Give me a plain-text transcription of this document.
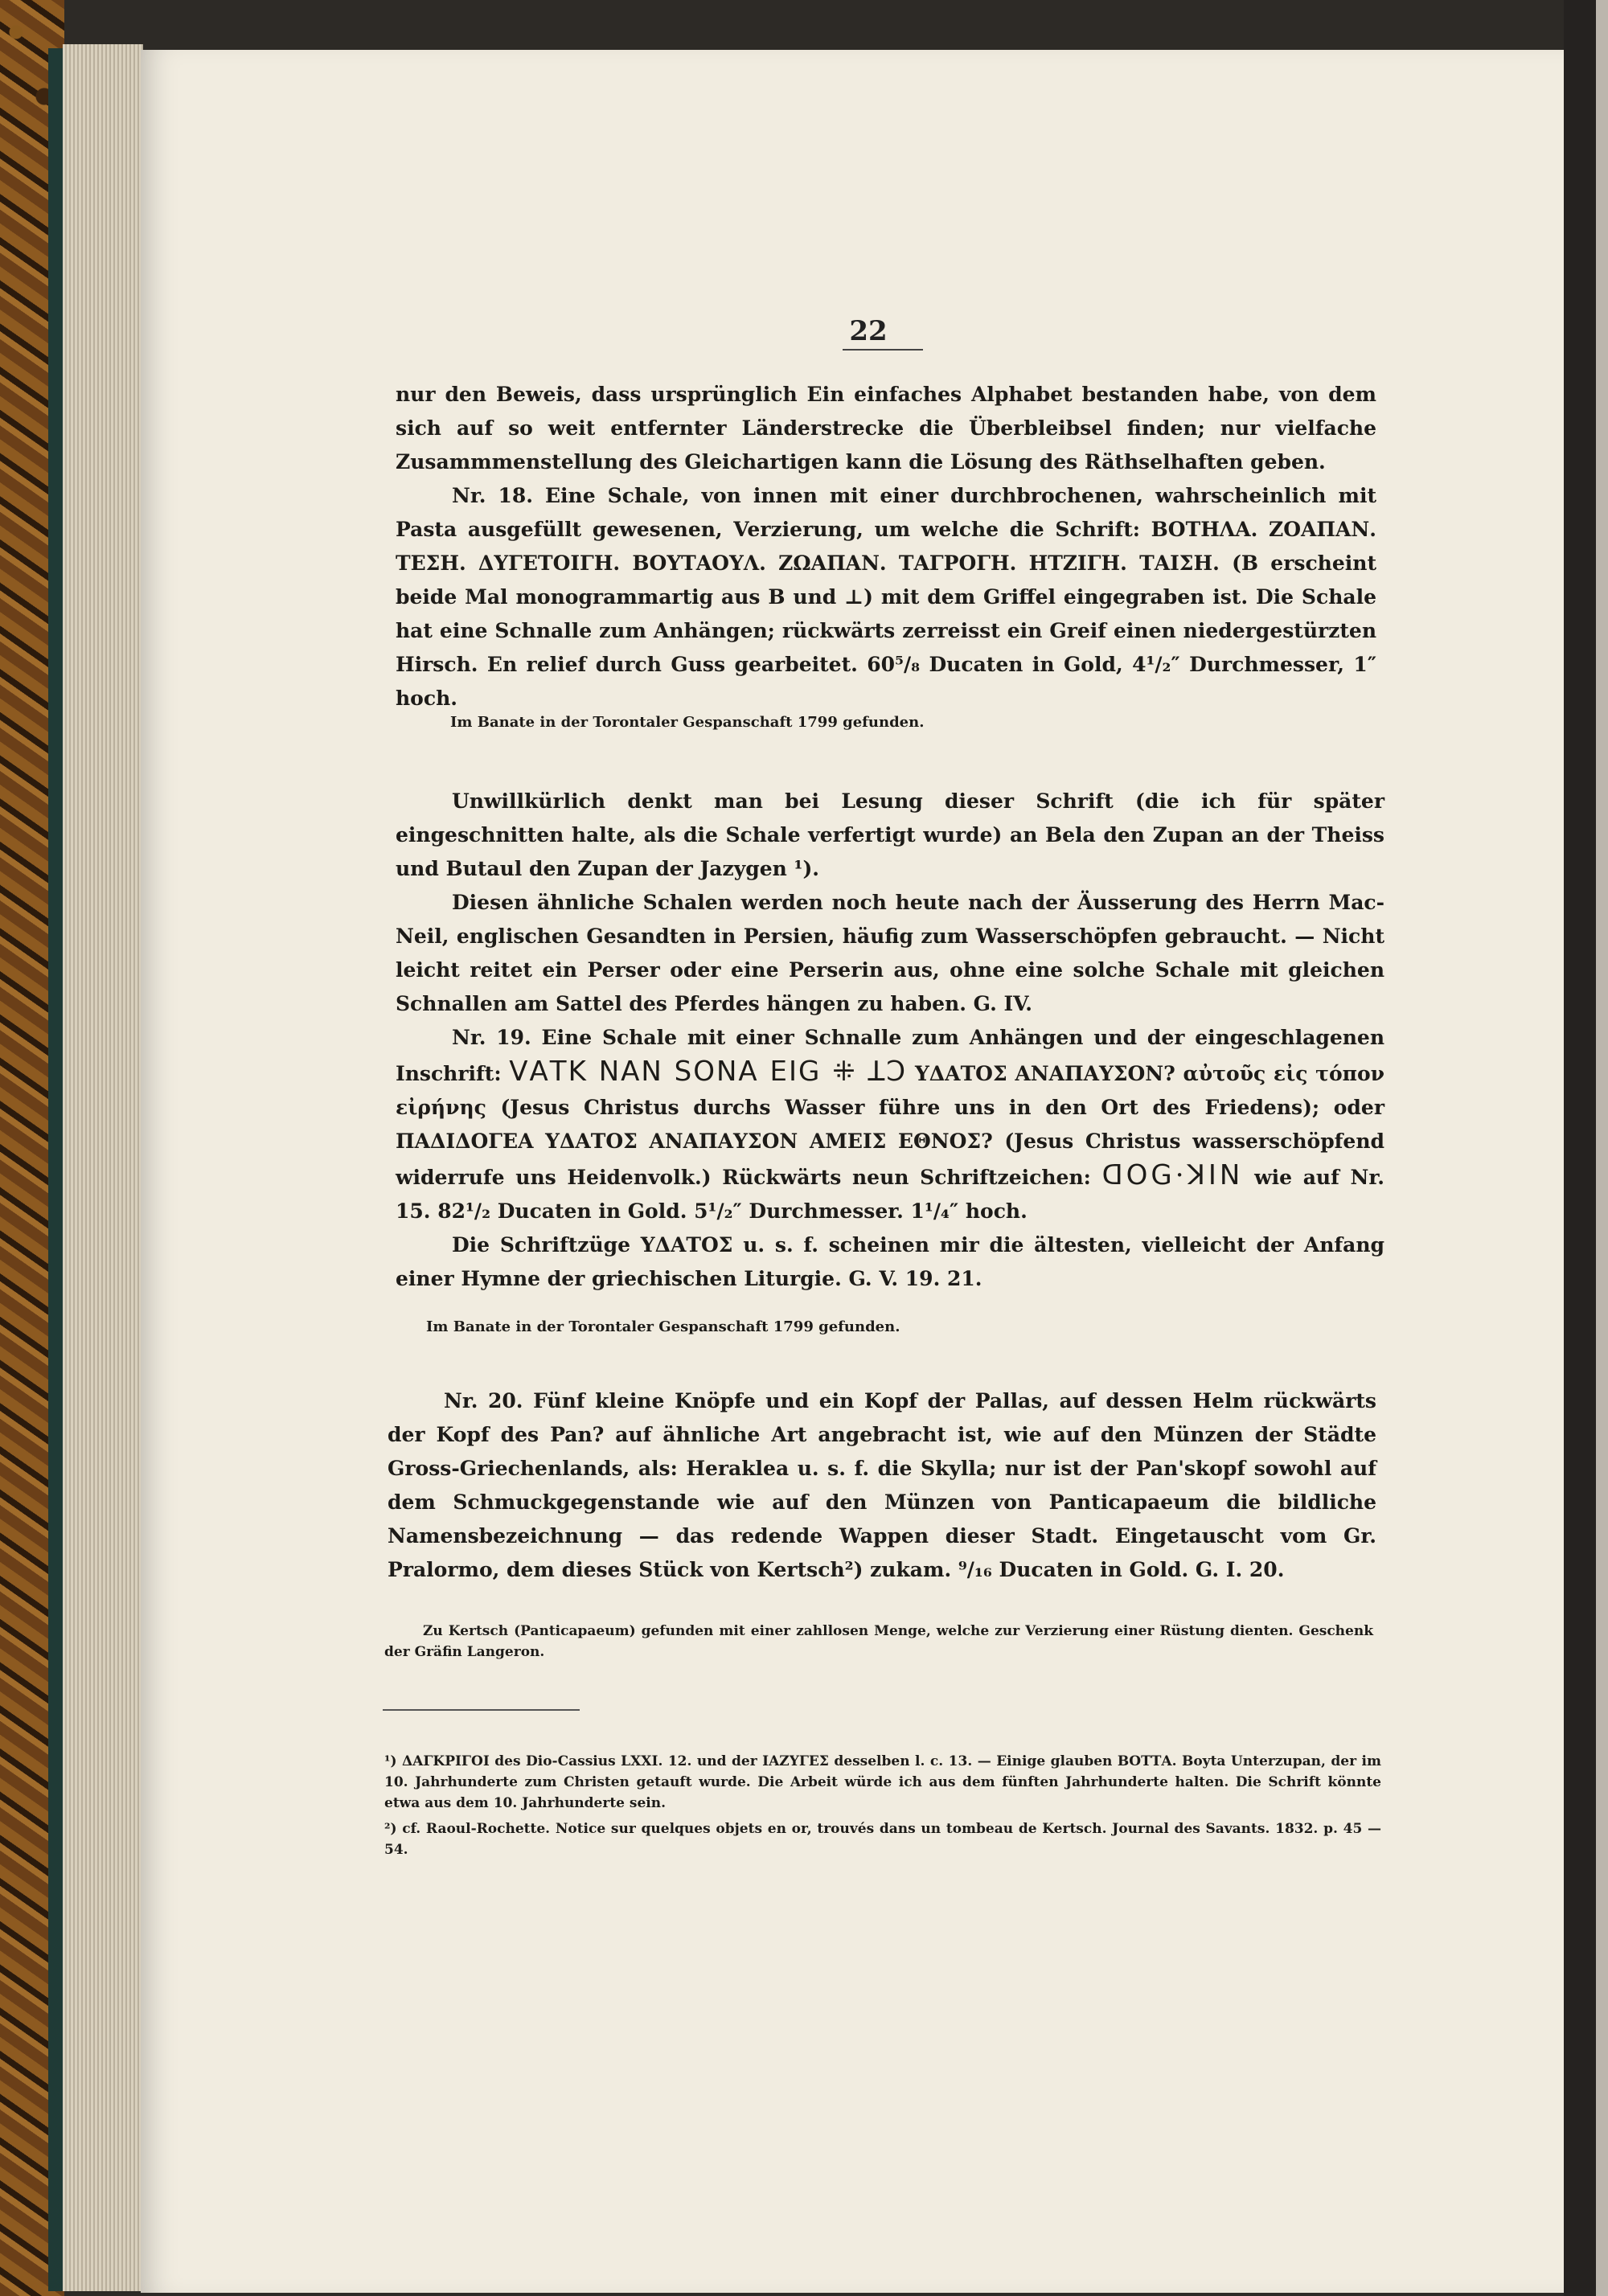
22

nur den Beweis, dass ursprünglich Ein einfaches Alphabet bestanden habe, von dem sich auf so weit entfernter Länderstrecke die Überbleibsel finden; nur vielfache Zusammmenstellung des Gleichartigen kann die Lösung des Räthselhaften geben.

Nr. 18. Eine Schale, von innen mit einer durchbrochenen, wahrscheinlich mit Pasta ausgefüllt gewesenen, Verzierung, um welche die Schrift: ΒΟΤΗΛΑ. ΖΟΑΠΑΝ. ΤΕΣΗ. ΔΥΓΕΤΟΙΓΗ. ΒΟΥΤΑΟΥΛ. ΖΩΑΠΑΝ. ΤΑΓΡΟΓΗ. ΗΤΖΙΓΗ. ΤΑΙΣΗ. (B erscheint beide Mal monogrammartig aus B und ⊥) mit dem Griffel eingegraben ist. Die Schale hat eine Schnalle zum Anhängen; rückwärts zerreisst ein Greif einen niedergestürzten Hirsch. En relief durch Guss gearbeitet. 60⁵/₈ Ducaten in Gold, 4¹/₂″ Durchmesser, 1″ hoch.

Im Banate in der Torontaler Gespanschaft 1799 gefunden.

Unwillkürlich denkt man bei Lesung dieser Schrift (die ich für später eingeschnitten halte, als die Schale verfertigt wurde) an Bela den Zupan an der Theiss und Butaul den Zupan der Jazygen ¹).

Diesen ähnliche Schalen werden noch heute nach der Äusserung des Herrn Mac-Neil, englischen Gesandten in Persien, häufig zum Wasserschöpfen gebraucht. — Nicht leicht reitet ein Perser oder eine Perserin aus, ohne eine solche Schale mit gleichen Schnallen am Sattel des Pferdes hängen zu haben. G. IV.

Nr. 19. Eine Schale mit einer Schnalle zum Anhängen und der eingeschlagenen Inschrift: ꓦꓮꓔꓗ ꓠꓮꓠ ꓢꓳꓠꓮ ꓰꓲꓖ ⁜ ꓕꓛ ΥΔΑΤΟΣ ΑΝΑΠΑΥΣΟΝ? αὐτοῦς εἰς τόπον εἰρήνης (Jesus Christus durchs Wasser führe uns in den Ort des Friedens); oder ΠΑΔΙΔΟΓΕΑ ΥΔΑΤΟΣ ΑΝΑΠΑΥΣΟΝ ΑΜΕΙΣ ΕΘΝΟΣ? (Jesus Christus wasserschöpfend widerrufe uns Heidenvolk.) Rückwärts neun Schriftzeichen: ꓷꓳꓖ·ꓘꓲꓠ wie auf Nr. 15. 82¹/₂ Ducaten in Gold. 5¹/₂″ Durchmesser. 1¹/₄″ hoch.

Die Schriftzüge ΥΔΑΤΟΣ u. s. f. scheinen mir die ältesten, vielleicht der Anfang einer Hymne der griechischen Liturgie. G. V. 19. 21.

Im Banate in der Torontaler Gespanschaft 1799 gefunden.

Nr. 20. Fünf kleine Knöpfe und ein Kopf der Pallas, auf dessen Helm rückwärts der Kopf des Pan? auf ähnliche Art angebracht ist, wie auf den Münzen der Städte Gross-Griechenlands, als: Heraklea u. s. f. die Skylla; nur ist der Pan'skopf sowohl auf dem Schmuckgegenstande wie auf den Münzen von Panticapaeum die bildliche Namensbezeichnung — das redende Wappen dieser Stadt. Eingetauscht vom Gr. Pralormo, dem dieses Stück von Kertsch²) zukam. ⁹/₁₆ Ducaten in Gold. G. I. 20.

Zu Kertsch (Panticapaeum) gefunden mit einer zahllosen Menge, welche zur Verzierung einer Rüstung dienten. Geschenk der Gräfin Langeron.

¹) ΔΑΓΚΡΙΓΟΙ des Dio-Cassius LXXI. 12. und der ΙΑΖΥΓΕΣ desselben l. c. 13. — Einige glauben ΒΟΤΤΑ. Boyta Unterzupan, der im 10. Jahrhunderte zum Christen getauft wurde. Die Arbeit würde ich aus dem fünften Jahrhunderte halten. Die Schrift könnte etwa aus dem 10. Jahrhunderte sein.

²) cf. Raoul-Rochette. Notice sur quelques objets en or, trouvés dans un tombeau de Kertsch. Journal des Savants. 1832. p. 45 — 54.
